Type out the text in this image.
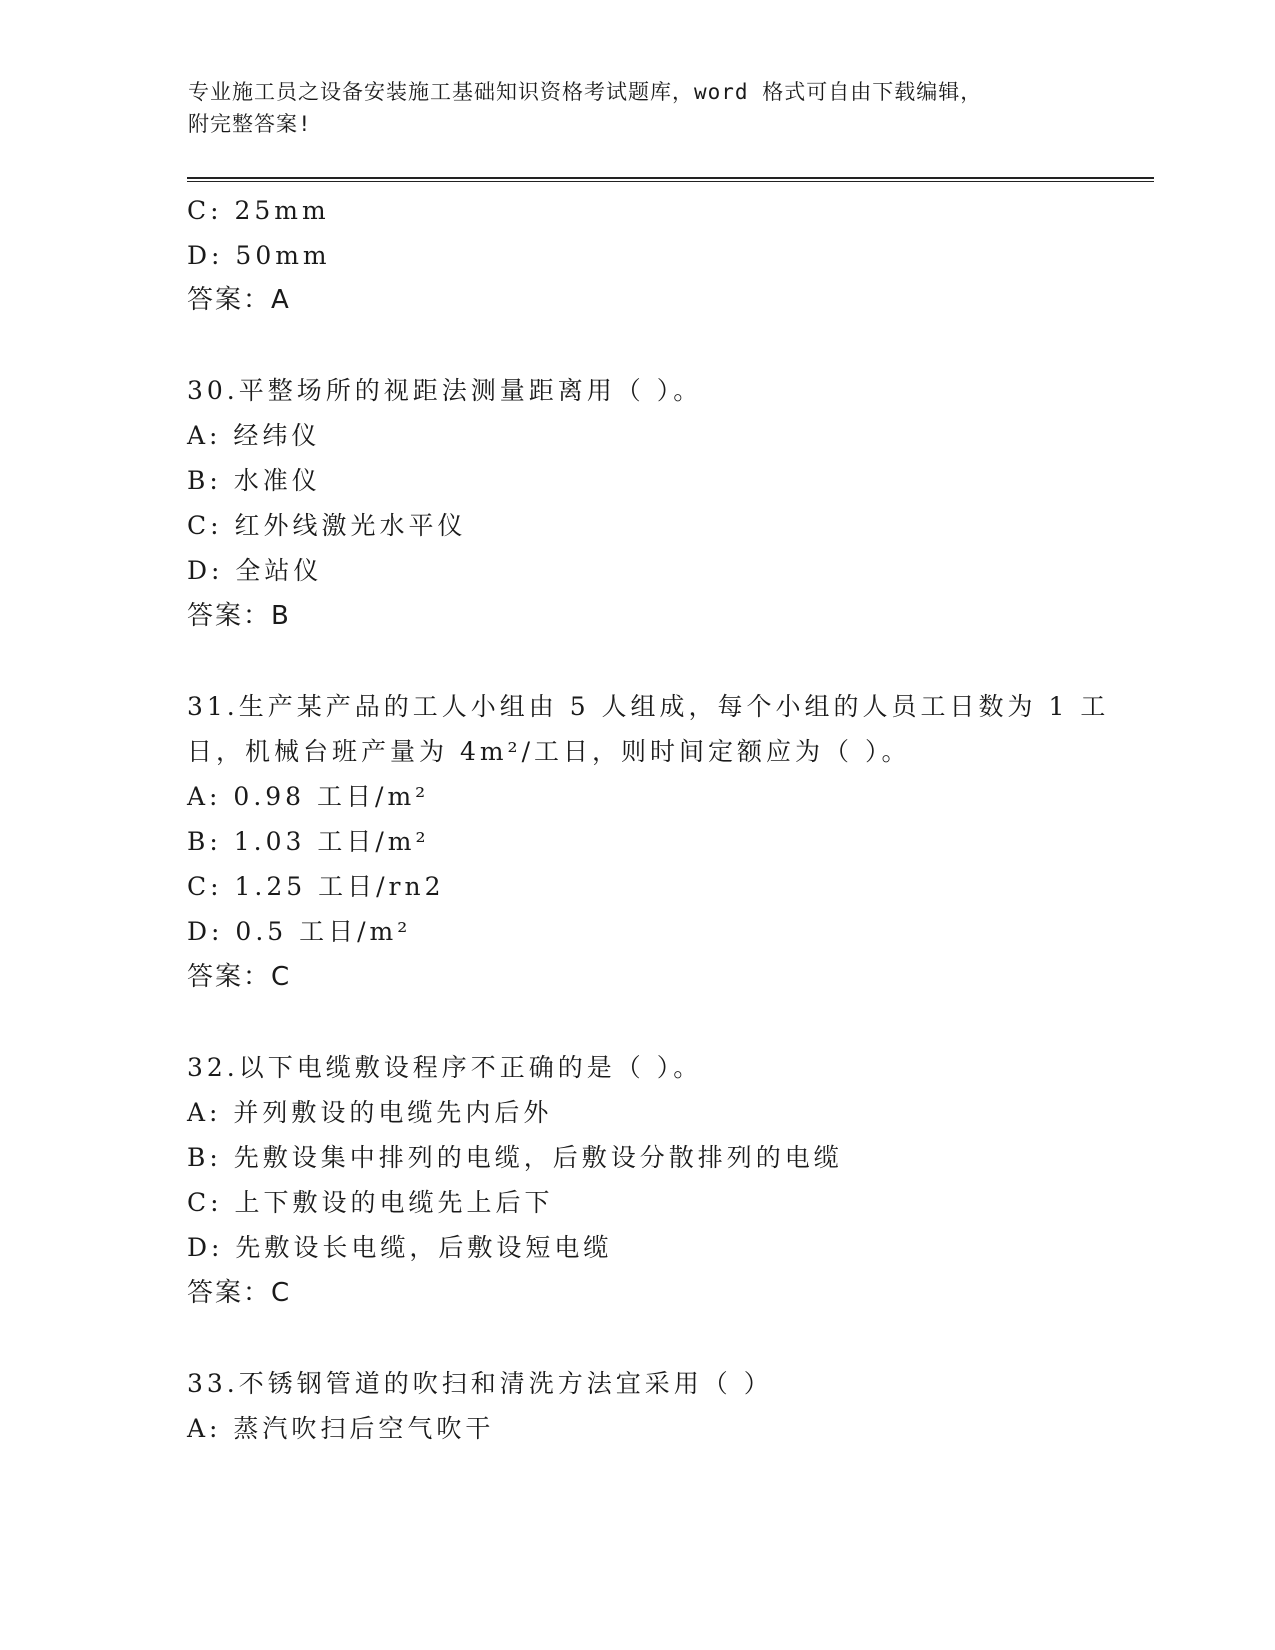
专业施工员之设备安装施工基础知识资格考试题库，word 格式可自由下载编辑，
附完整答案!
C: 25mm
D: 50mm
答案：A
30.平整场所的视距法测量距离用（ ）。
A: 经纬仪
B: 水准仪
C: 红外线激光水平仪
D: 全站仪
答案：B
31.生产某产品的工人小组由 5 人组成，每个小组的人员工日数为 1 工
日，机械台班产量为 4m²/工日，则时间定额应为（ ）。
A: 0.98 工日/m²
B: 1.03 工日/m²
C: 1.25 工日/rn2
D: 0.5 工日/m²
答案：C
32.以下电缆敷设程序不正确的是（ ）。
A: 并列敷设的电缆先内后外
B: 先敷设集中排列的电缆，后敷设分散排列的电缆
C: 上下敷设的电缆先上后下
D: 先敷设长电缆，后敷设短电缆
答案：C
33.不锈钢管道的吹扫和清洗方法宜采用（ ）
A: 蒸汽吹扫后空气吹干
